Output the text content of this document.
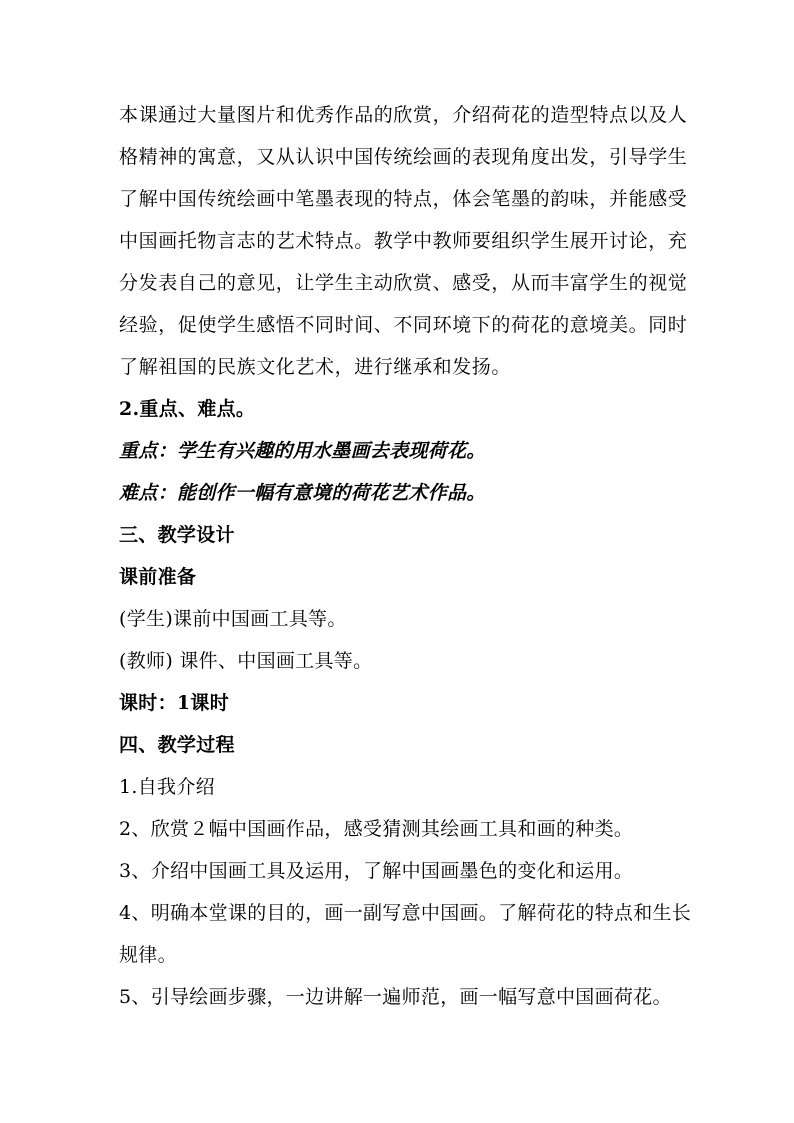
本课通过大量图片和优秀作品的欣赏，介绍荷花的造型特点以及人
格精神的寓意，又从认识中国传统绘画的表现角度出发，引导学生
了解中国传统绘画中笔墨表现的特点，体会笔墨的韵味，并能感受
中国画托物言志的艺术特点。教学中教师要组织学生展开讨论，充
分发表自己的意见，让学生主动欣赏、感受，从而丰富学生的视觉
经验，促使学生感悟不同时间、不同环境下的荷花的意境美。同时
了解祖国的民族文化艺术，进行继承和发扬。
2.重点、难点。
重点：学生有兴趣的用水墨画去表现荷花。
难点：能创作一幅有意境的荷花艺术作品。
三、教学设计
课前准备
(学生)课前中国画工具等。
(教师) 课件、中国画工具等。
课时：1课时
四、教学过程
1.自我介绍
2、欣赏２幅中国画作品，感受猜测其绘画工具和画的种类。
3、介绍中国画工具及运用，了解中国画墨色的变化和运用。
4、明确本堂课的目的，画一副写意中国画。了解荷花的特点和生长
规律。
5、引导绘画步骤，一边讲解一遍师范，画一幅写意中国画荷花。
